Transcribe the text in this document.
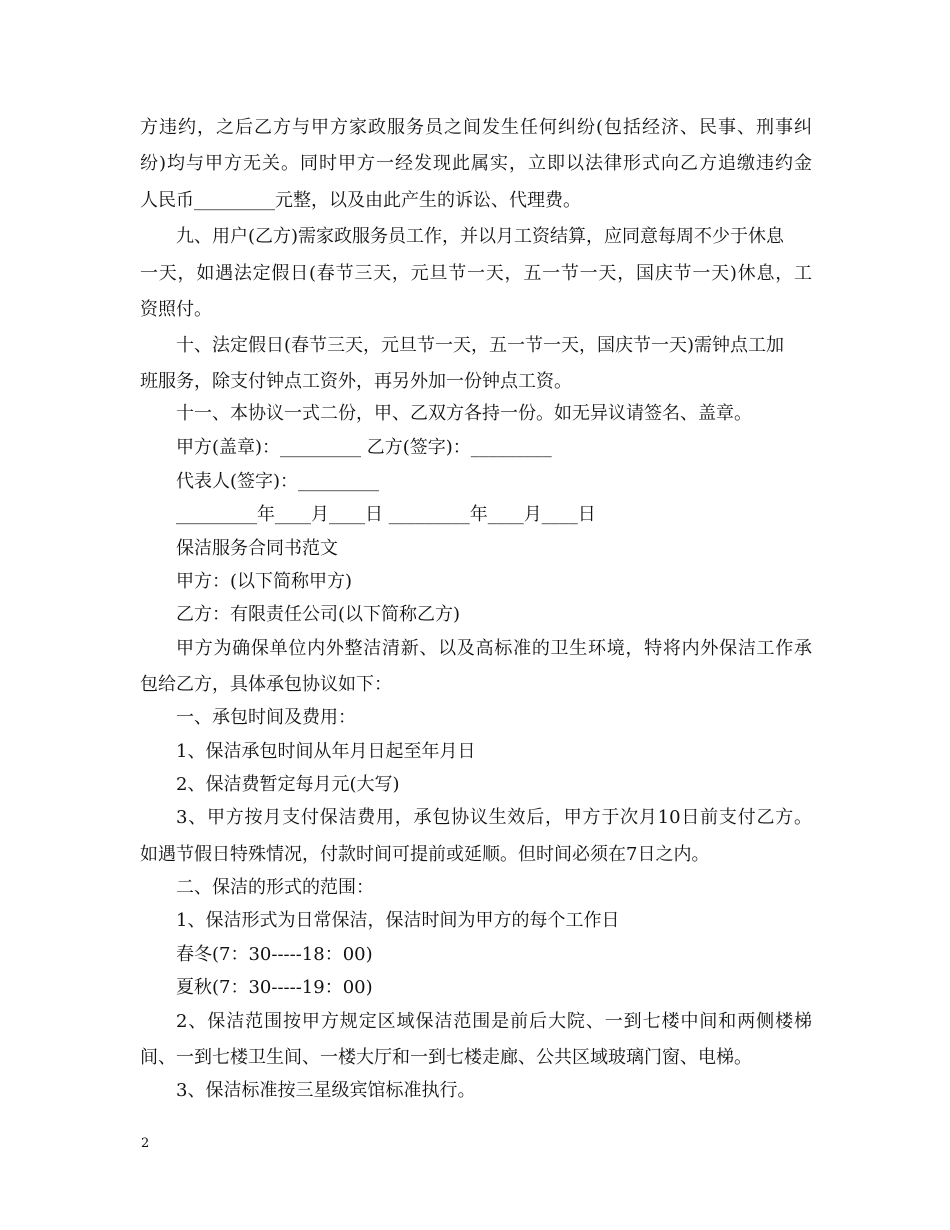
方违约，之后乙方与甲方家政服务员之间发生任何纠纷(包括经济、民事、刑事纠
纷)均与甲方无关。同时甲方一经发现此属实，立即以法律形式向乙方追缴违约金
人民币_________元整，以及由此产生的诉讼、代理费。
九、用户(乙方)需家政服务员工作，并以月工资结算，应同意每周不少于休息
一天，如遇法定假日(春节三天，元旦节一天，五一节一天，国庆节一天)休息，工
资照付。
十、法定假日(春节三天，元旦节一天，五一节一天，国庆节一天)需钟点工加
班服务，除支付钟点工资外，再另外加一份钟点工资。
十一、本协议一式二份，甲、乙双方各持一份。如无异议请签名、盖章。
甲方(盖章)：_________ 乙方(签字)：_________
代表人(签字)：_________
_________年____月____日 _________年____月____日
保洁服务合同书范文
甲方：(以下简称甲方)
乙方：有限责任公司(以下简称乙方)
甲方为确保单位内外整洁清新、以及高标准的卫生环境，特将内外保洁工作承
包给乙方，具体承包协议如下：
一、承包时间及费用：
1、保洁承包时间从年月日起至年月日
2、保洁费暂定每月元(大写)
3、甲方按月支付保洁费用，承包协议生效后，甲方于次月10日前支付乙方。
如遇节假日特殊情况，付款时间可提前或延顺。但时间必须在7日之内。
二、保洁的形式的范围：
1、保洁形式为日常保洁，保洁时间为甲方的每个工作日
春冬(7：30-----18：00)
夏秋(7：30-----19：00)
2、保洁范围按甲方规定区域保洁范围是前后大院、一到七楼中间和两侧楼梯
间、一到七楼卫生间、一楼大厅和一到七楼走廊、公共区域玻璃门窗、电梯。
3、保洁标准按三星级宾馆标准执行。
2
